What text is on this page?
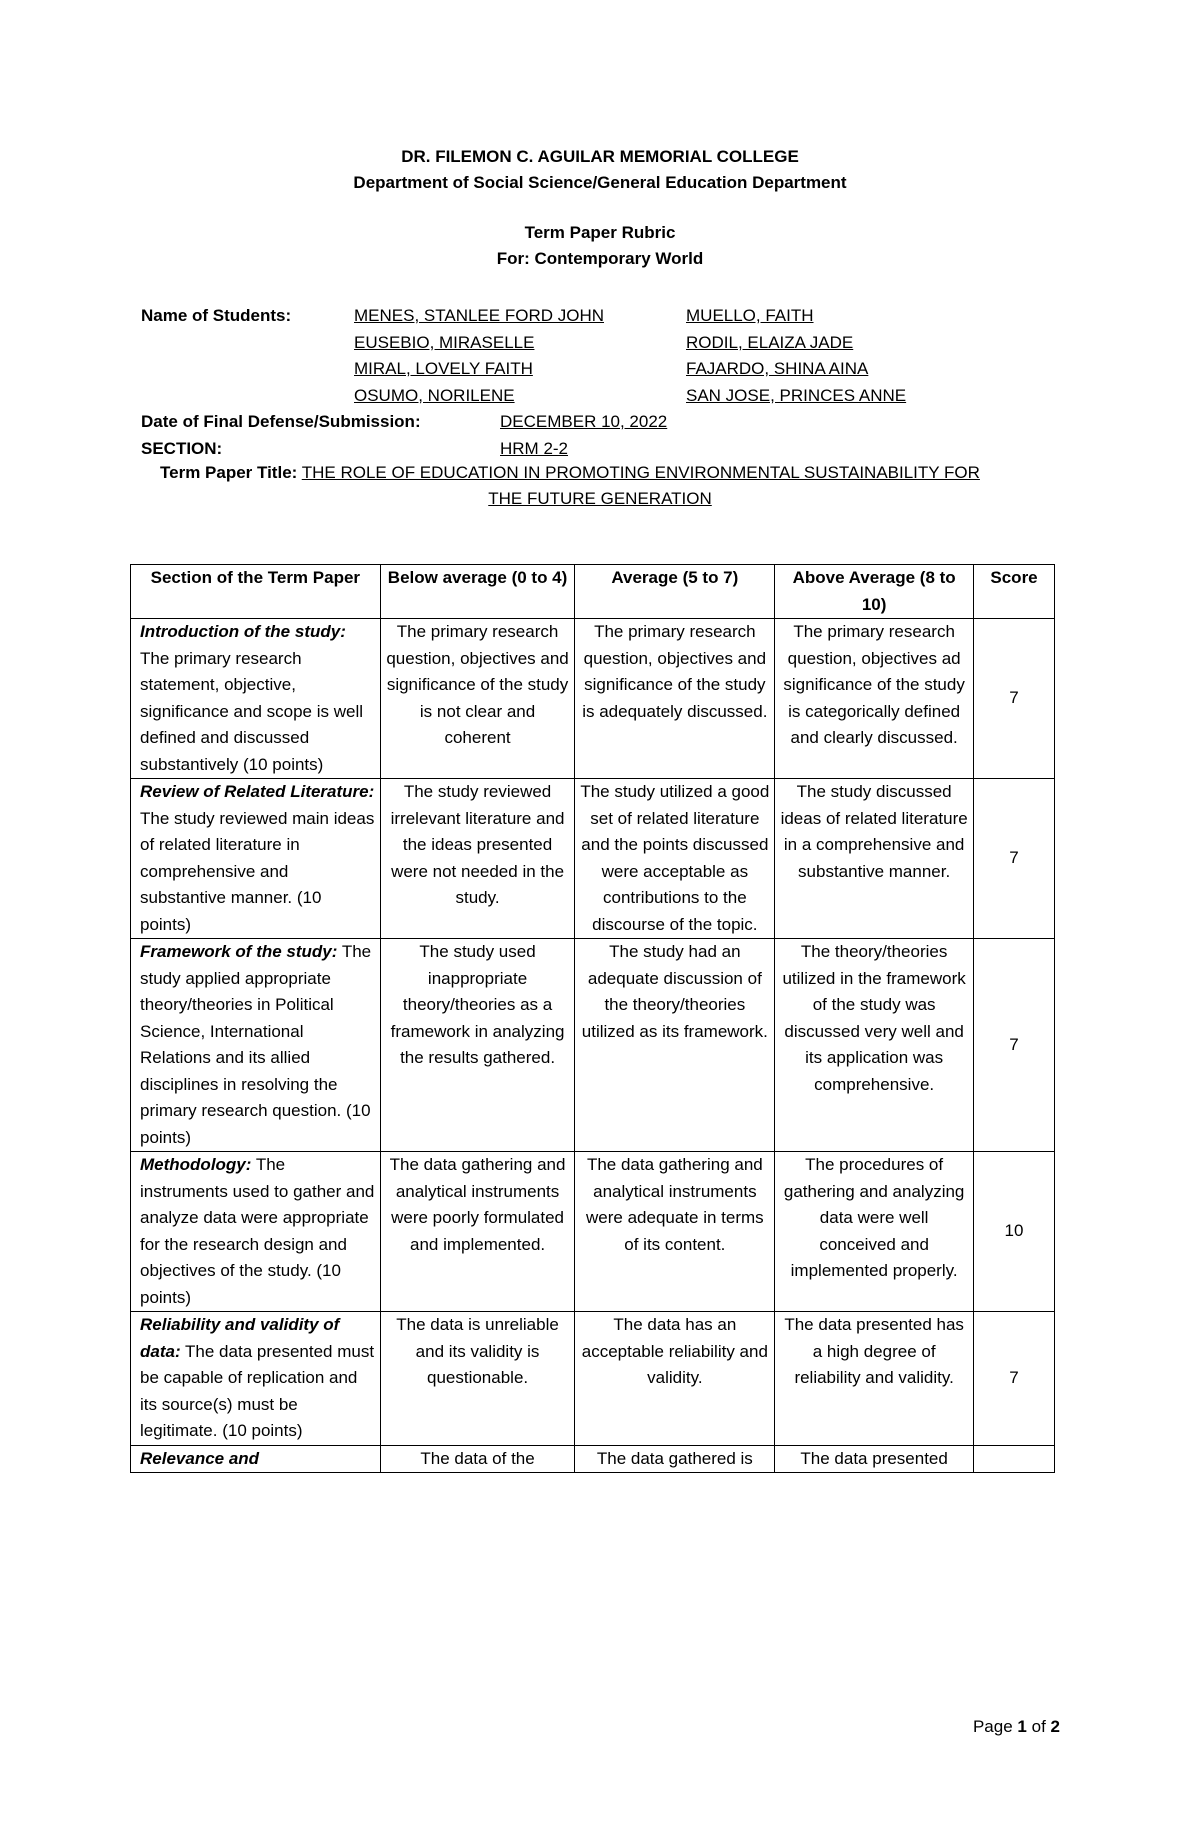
DR. FILEMON C. AGUILAR MEMORIAL COLLEGE
Department of Social Science/General Education Department
Term Paper Rubric
For: Contemporary World
Name of Students:	MENES, STANLEE FORD JOHN	MUELLO, FAITH
EUSEBIO, MIRASELLE	RODIL, ELAIZA JADE
MIRAL, LOVELY FAITH	FAJARDO, SHINA AINA
OSUMO, NORILENE	SAN JOSE, PRINCES ANNE
Date of Final Defense/Submission:	DECEMBER 10, 2022
SECTION:	HRM 2-2
Term Paper Title: THE ROLE OF EDUCATION IN PROMOTING ENVIRONMENTAL SUSTAINABILITY FOR
THE FUTURE GENERATION
Section of the Term Paper	Below average (0 to 4)	Average (5 to 7)	Above Average (8 to 10)	Score
Introduction of the study: The primary research statement, objective, significance and scope is well defined and discussed substantively (10 points)	The primary research question, objectives and significance of the study is not clear and coherent	The primary research question, objectives and significance of the study is adequately discussed.	The primary research question, objectives ad significance of the study is categorically defined and clearly discussed.	7
Review of Related Literature: The study reviewed main ideas of related literature in comprehensive and substantive manner. (10 points)	The study reviewed irrelevant literature and the ideas presented were not needed in the study.	The study utilized a good set of related literature and the points discussed were acceptable as contributions to the discourse of the topic.	The study discussed ideas of related literature in a comprehensive and substantive manner.	7
Framework of the study: The study applied appropriate theory/theories in Political Science, International Relations and its allied disciplines in resolving the primary research question. (10 points)	The study used inappropriate theory/theories as a framework in analyzing the results gathered.	The study had an adequate discussion of the theory/theories utilized as its framework.	The theory/theories utilized in the framework of the study was discussed very well and its application was comprehensive.	7
Methodology: The instruments used to gather and analyze data were appropriate for the research design and objectives of the study. (10 points)	The data gathering and analytical instruments were poorly formulated and implemented.	The data gathering and analytical instruments were adequate in terms of its content.	The procedures of gathering and analyzing data were well conceived and implemented properly.	10
Reliability and validity of data: The data presented must be capable of replication and its source(s) must be legitimate. (10 points)	The data is unreliable and its validity is questionable.	The data has an acceptable reliability and validity.	The data presented has a high degree of reliability and validity.	7
Relevance and	The data of the	The data gathered is	The data presented	
Page 1 of 2
